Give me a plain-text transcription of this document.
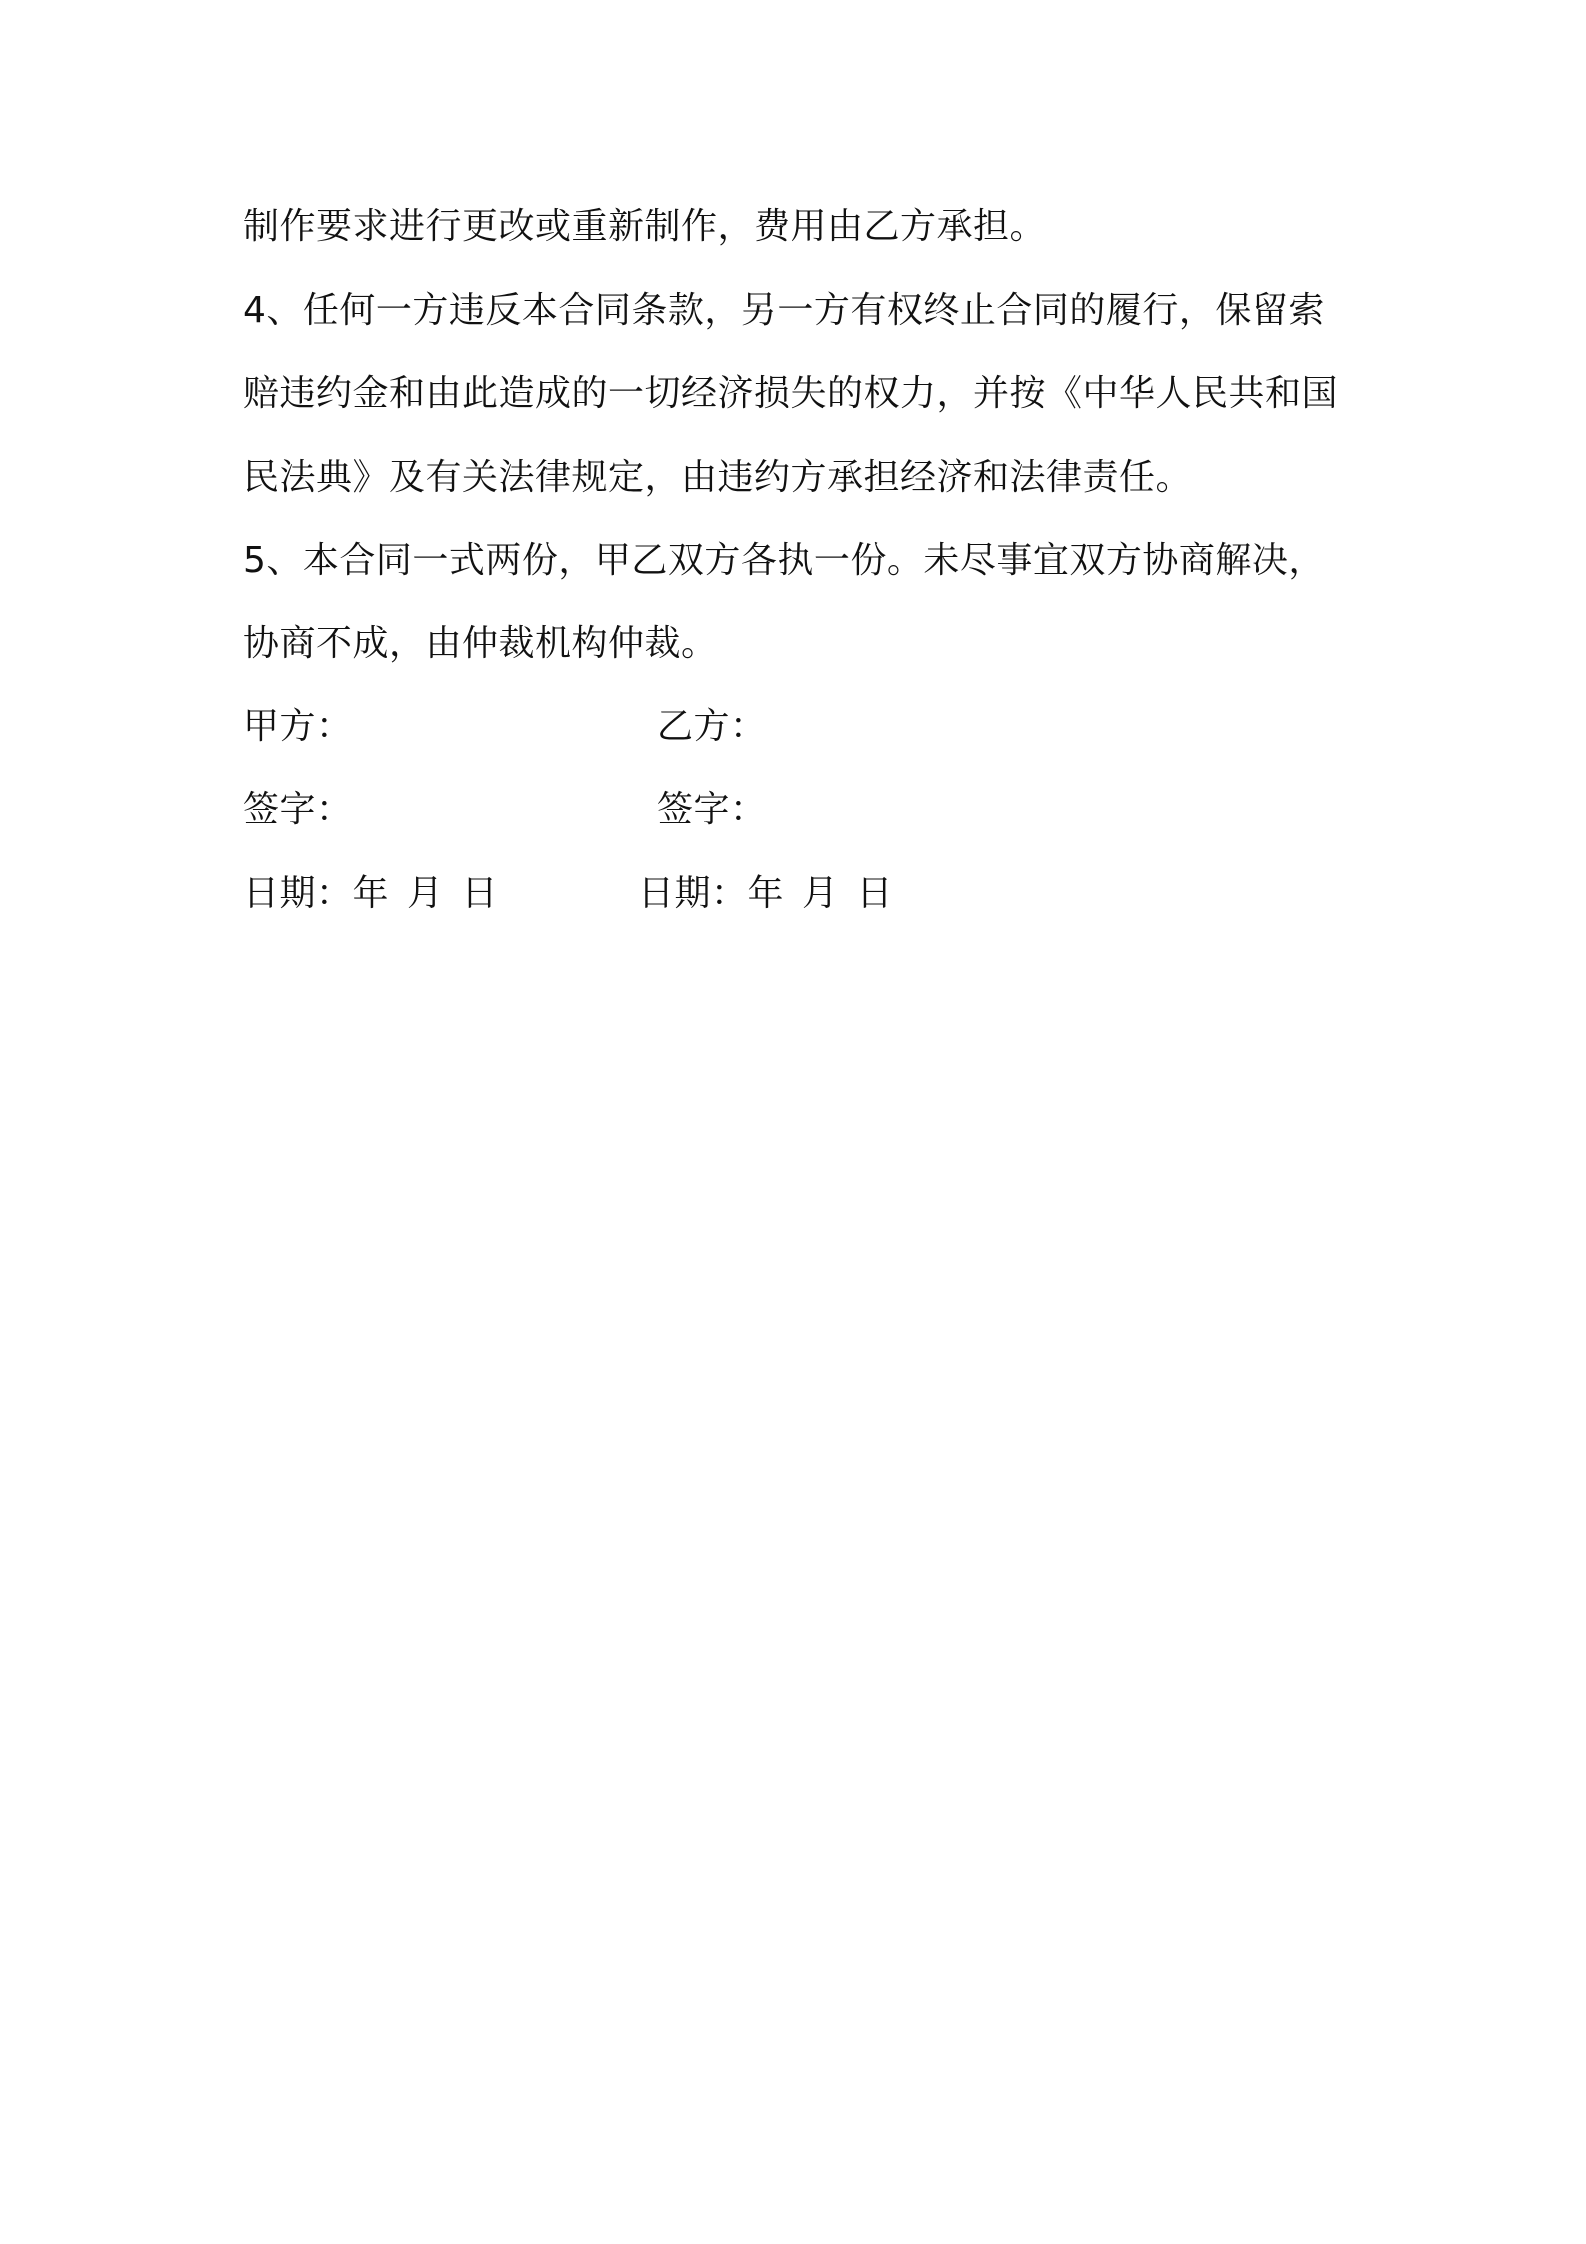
制作要求进行更改或重新制作，费用由乙方承担。
4、任何一方违反本合同条款，另一方有权终止合同的履行，保留索
赔违约金和由此造成的一切经济损失的权力，并按《中华人民共和国
民法典》及有关法律规定，由违约方承担经济和法律责任。
5、本合同一式两份，甲乙双方各执一份。未尽事宜双方协商解决，
协商不成，由仲裁机构仲裁。
甲方：	乙方：
签字：	签字：
日期：年 月 日	日期：年 月 日
